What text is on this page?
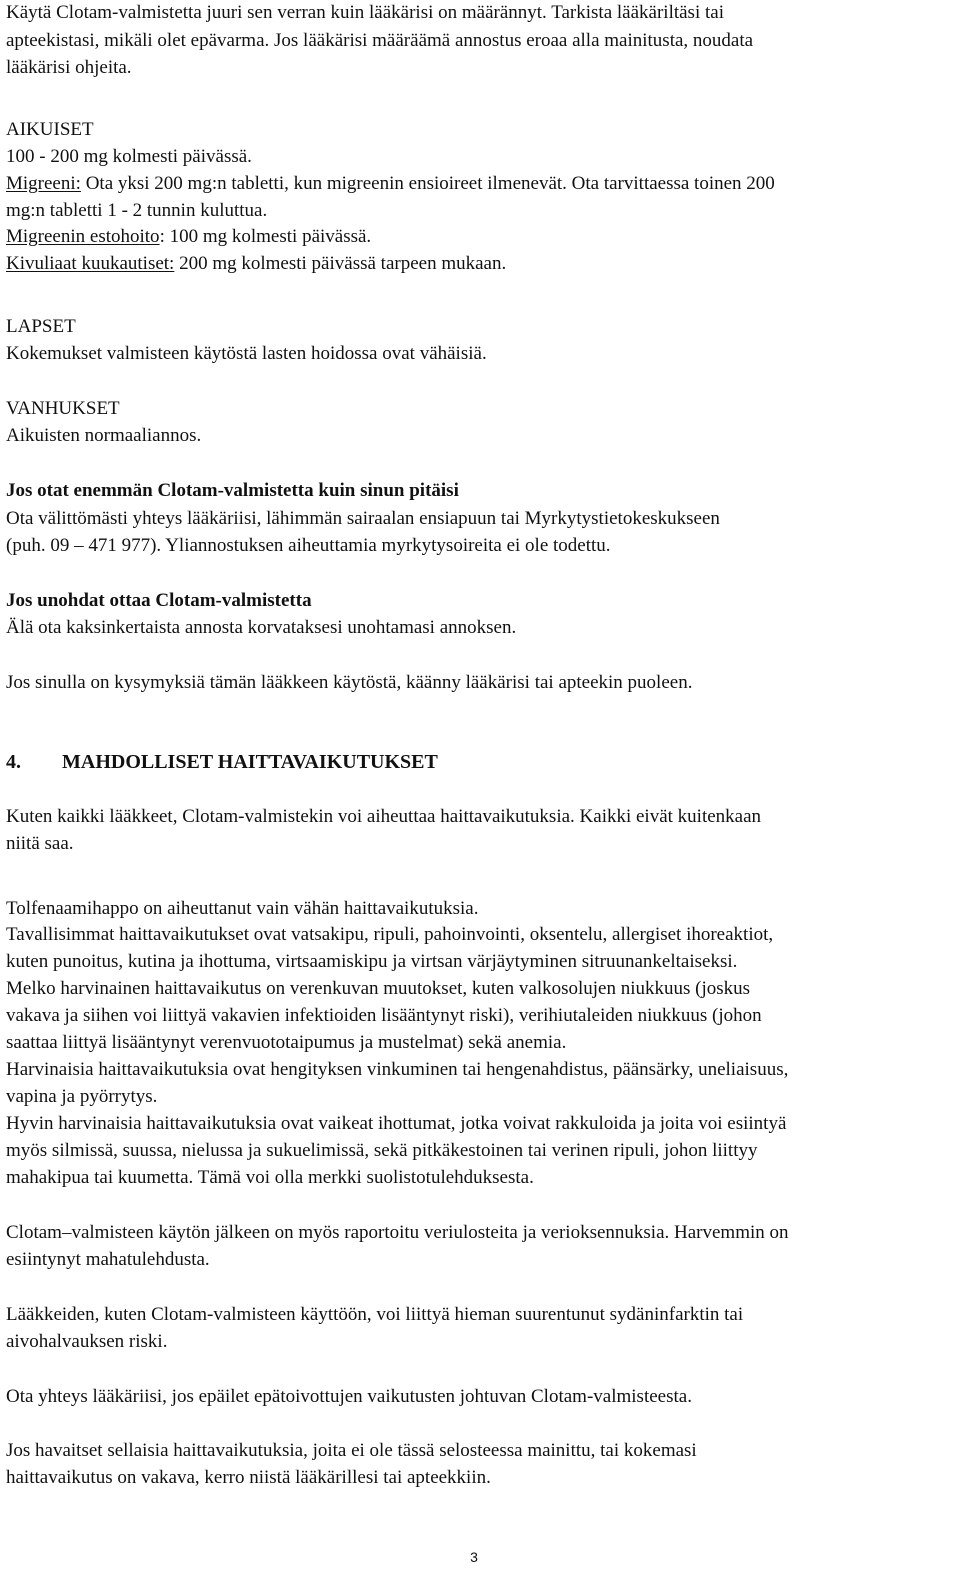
Käytä Clotam-valmistetta juuri sen verran kuin lääkärisi on määrännyt. Tarkista lääkäriltäsi tai
apteekistasi, mikäli olet epävarma. Jos lääkärisi määräämä annostus eroaa alla mainitusta, noudata
lääkärisi ohjeita.
AIKUISET
100 - 200 mg kolmesti päivässä.
Migreeni: Ota yksi 200 mg:n tabletti, kun migreenin ensioireet ilmenevät. Ota tarvittaessa toinen 200
mg:n tabletti 1 - 2 tunnin kuluttua.
Migreenin estohoito: 100 mg kolmesti päivässä.
Kivuliaat kuukautiset: 200 mg kolmesti päivässä tarpeen mukaan.
LAPSET
Kokemukset valmisteen käytöstä lasten hoidossa ovat vähäisiä.
VANHUKSET
Aikuisten normaaliannos.
Jos otat enemmän Clotam-valmistetta kuin sinun pitäisi
Ota välittömästi yhteys lääkäriisi, lähimmän sairaalan ensiapuun tai Myrkytystietokeskukseen
(puh. 09 – 471 977). Yliannostuksen aiheuttamia myrkytysoireita ei ole todettu.
Jos unohdat ottaa Clotam-valmistetta
Älä ota kaksinkertaista annosta korvataksesi unohtamasi annoksen.
Jos sinulla on kysymyksiä tämän lääkkeen käytöstä, käänny lääkärisi tai apteekin puoleen.
4. MAHDOLLISET HAITTAVAIKUTUKSET
Kuten kaikki lääkkeet, Clotam-valmistekin voi aiheuttaa haittavaikutuksia. Kaikki eivät kuitenkaan
niitä saa.
Tolfenaamihappo on aiheuttanut vain vähän haittavaikutuksia.
Tavallisimmat haittavaikutukset ovat vatsakipu, ripuli, pahoinvointi, oksentelu, allergiset ihoreaktiot,
kuten punoitus, kutina ja ihottuma, virtsaamiskipu ja virtsan värjäytyminen sitruunankeltaiseksi.
Melko harvinainen haittavaikutus on verenkuvan muutokset, kuten valkosolujen niukkuus (joskus
vakava ja siihen voi liittyä vakavien infektioiden lisääntynyt riski), verihiutaleiden niukkuus (johon
saattaa liittyä lisääntynyt verenvuototaipumus ja mustelmat) sekä anemia.
Harvinaisia haittavaikutuksia ovat hengityksen vinkuminen tai hengenahdistus, päänsärky, uneliaisuus,
vapina ja pyörrytys.
Hyvin harvinaisia haittavaikutuksia ovat vaikeat ihottumat, jotka voivat rakkuloida ja joita voi esiintyä
myös silmissä, suussa, nielussa ja sukuelimissä, sekä pitkäkestoinen tai verinen ripuli, johon liittyy
mahakipua tai kuumetta. Tämä voi olla merkki suolistotulehduksesta.
Clotam–valmisteen käytön jälkeen on myös raportoitu veriulosteita ja verioksennuksia. Harvemmin on
esiintynyt mahatulehdusta.
Lääkkeiden, kuten Clotam-valmisteen käyttöön, voi liittyä hieman suurentunut sydäninfarktin tai
aivohalvauksen riski.
Ota yhteys lääkäriisi, jos epäilet epätoivottujen vaikutusten johtuvan Clotam-valmisteesta.
Jos havaitset sellaisia haittavaikutuksia, joita ei ole tässä selosteessa mainittu, tai kokemasi
haittavaikutus on vakava, kerro niistä lääkärillesi tai apteekkiin.
3
